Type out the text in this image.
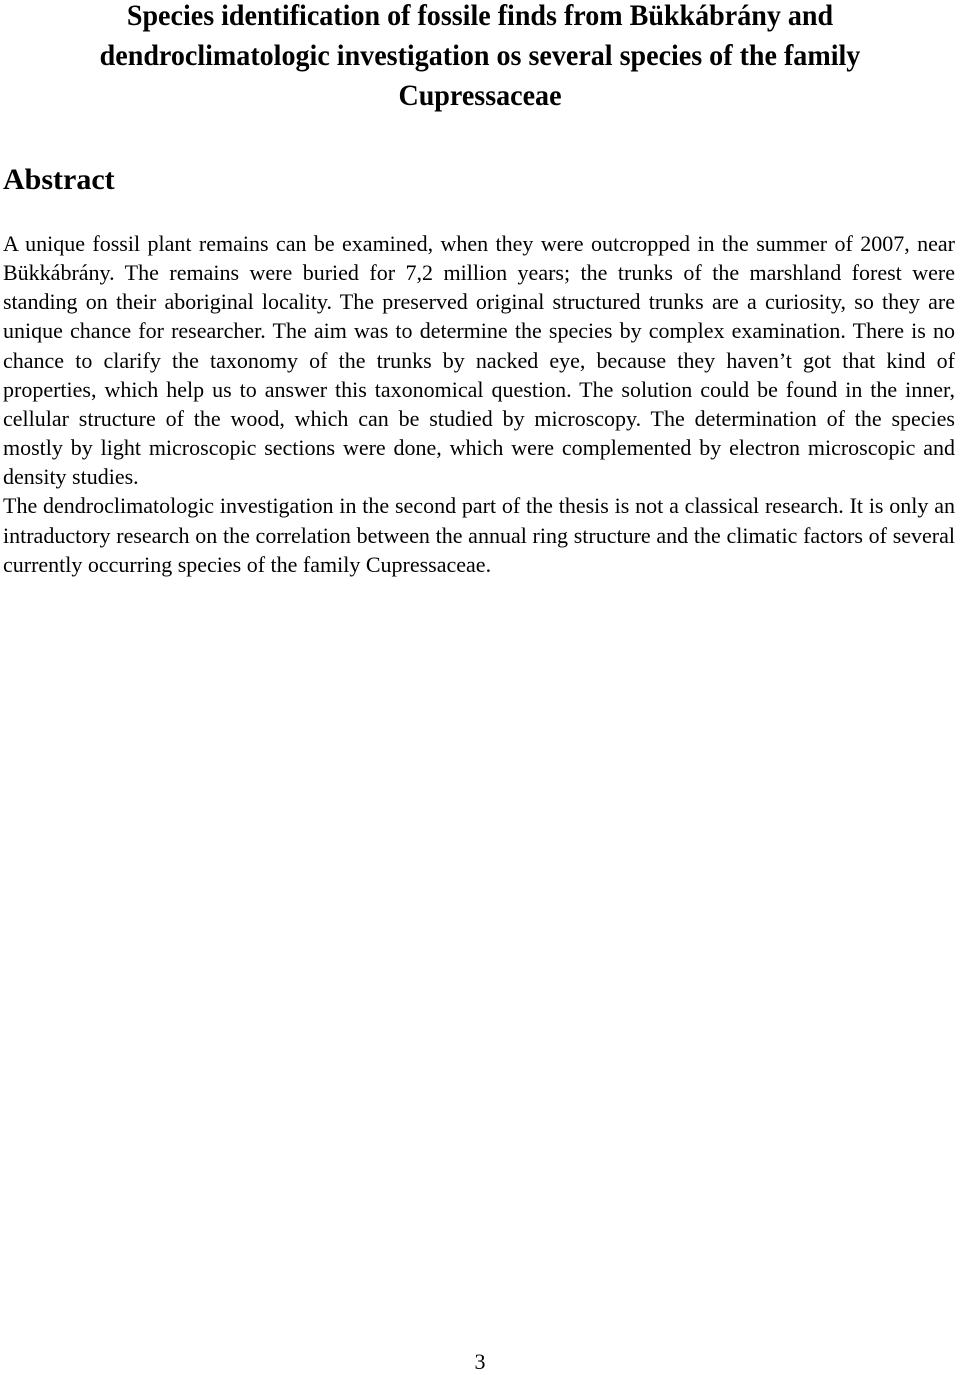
Species identification of fossile finds from Bükkábrány and dendroclimatologic investigation os several species of the family Cupressaceae
Abstract

A unique fossil plant remains can be examined, when they were outcropped in the summer of 2007, near Bükkábrány. The remains were buried for 7,2 million years; the trunks of the marshland forest were standing on their aboriginal locality. The preserved original structured trunks are a curiosity, so they are unique chance for researcher. The aim was to determine the species by complex examination. There is no chance to clarify the taxonomy of the trunks by nacked eye, because they haven’t got that kind of properties, which help us to answer this taxonomical question. The solution could be found in the inner, cellular structure of the wood, which can be studied by microscopy. The determination of the species mostly by light microscopic sections were done, which were complemented by electron microscopic and density studies.

The dendroclimatologic investigation in the second part of the thesis is not a classical research. It is only an intraductory research on the correlation between the annual ring structure and the climatic factors of several currently occurring species of the family Cupressaceae.

3
